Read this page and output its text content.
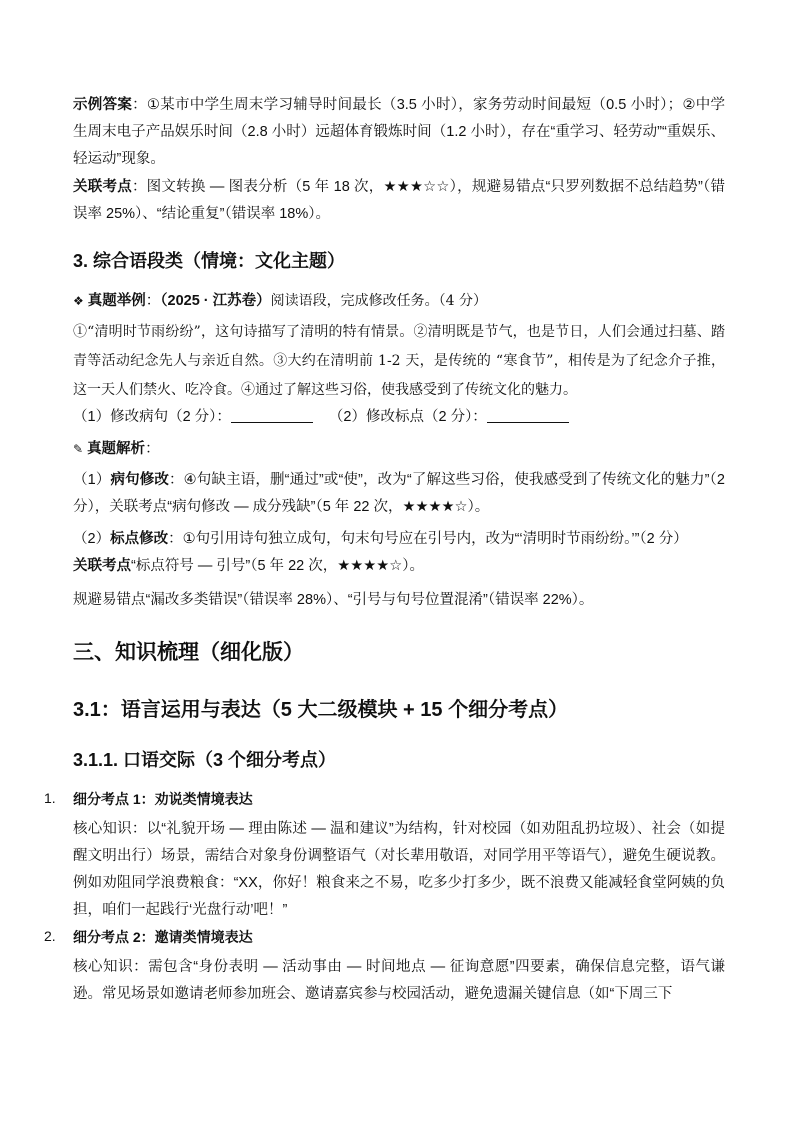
示例答案：①某市中学生周末学习辅导时间最长（3.5 小时），家务劳动时间最短（0.5 小时）；②中学生周末电子产品娱乐时间（2.8 小时）远超体育锻炼时间（1.2 小时），存在“重学习、轻劳动”“重娱乐、轻运动”现象。
关联考点：图文转换 — 图表分析（5 年 18 次，★★★☆☆），规避易错点“只罗列数据不总结趋势”（错误率 25%）、“结论重复”（错误率 18%）。
3. 综合语段类（情境：文化主题）
❖ 真题举例：（2025 · 江苏卷）阅读语段，完成修改任务。（4 分）
①“清明时节雨纷纷”，这句诗描写了清明的特有情景。②清明既是节气，也是节日，人们会通过扫墓、踏青等活动纪念先人与亲近自然。③大约在清明前 1-2 天，是传统的 “寒食节”，相传是为了纪念介子推，这一天人们禁火、吃冷食。④通过了解这些习俗，使我感受到了传统文化的魅力。
（1）修改病句（2 分）：	（2）修改标点（2 分）：
✎ 真题解析：
（1）病句修改：④句缺主语，删“通过”或“使”，改为“了解这些习俗，使我感受到了传统文化的魅力”（2 分），关联考点“病句修改 — 成分残缺”（5 年 22 次，★★★★☆）。
（2）标点修改：①句引用诗句独立成句，句末句号应在引号内，改为“‘清明时节雨纷纷。’”（2 分）
关联考点“标点符号 — 引号”（5 年 22 次，★★★★☆）。
规避易错点“漏改多类错误”（错误率 28%）、“引号与句号位置混淆”（错误率 22%）。
三、知识梳理（细化版）
3.1：语言运用与表达（5 大二级模块 + 15 个细分考点）
3.1.1. 口语交际（3 个细分考点）
1. 细分考点 1：劝说类情境表达
核心知识：以“礼貌开场 — 理由陈述 — 温和建议”为结构，针对校园（如劝阻乱扔垃圾）、社会（如提醒文明出行）场景，需结合对象身份调整语气（对长辈用敬语，对同学用平等语气），避免生硬说教。例如劝阻同学浪费粮食：“XX，你好！粮食来之不易，吃多少打多少，既不浪费又能减轻食堂阿姨的负担，咱们一起践行‘光盘行动’吧！”
2. 细分考点 2：邀请类情境表达
核心知识：需包含“身份表明 — 活动事由 — 时间地点 — 征询意愿”四要素，确保信息完整，语气谦逊。常见场景如邀请老师参加班会、邀请嘉宾参与校园活动，避免遗漏关键信息（如“下周三下
